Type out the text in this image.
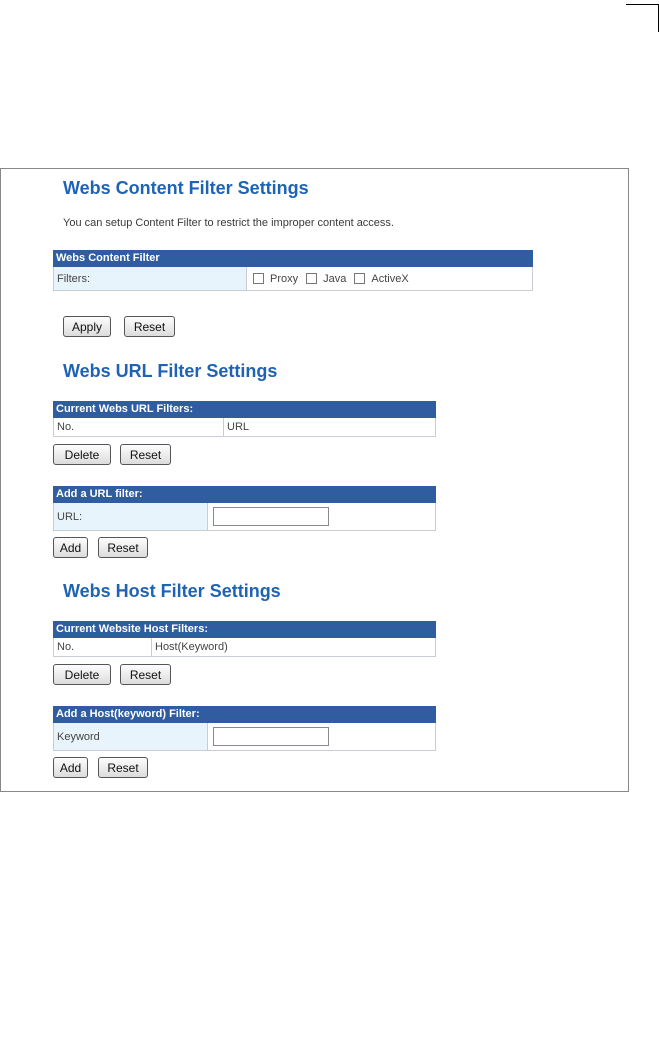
Webs Content Filter Settings
You can setup Content Filter to restrict the improper content access.
Webs Content Filter
Filters:	Proxy Java ActiveX
Apply	Reset
Webs URL Filter Settings
Current Webs URL Filters:
No.	URL
Delete	Reset
Add a URL filter:
URL:
Add	Reset
Webs Host Filter Settings
Current Website Host Filters:
No.	Host(Keyword)
Delete	Reset
Add a Host(keyword) Filter:
Keyword
Add	Reset
